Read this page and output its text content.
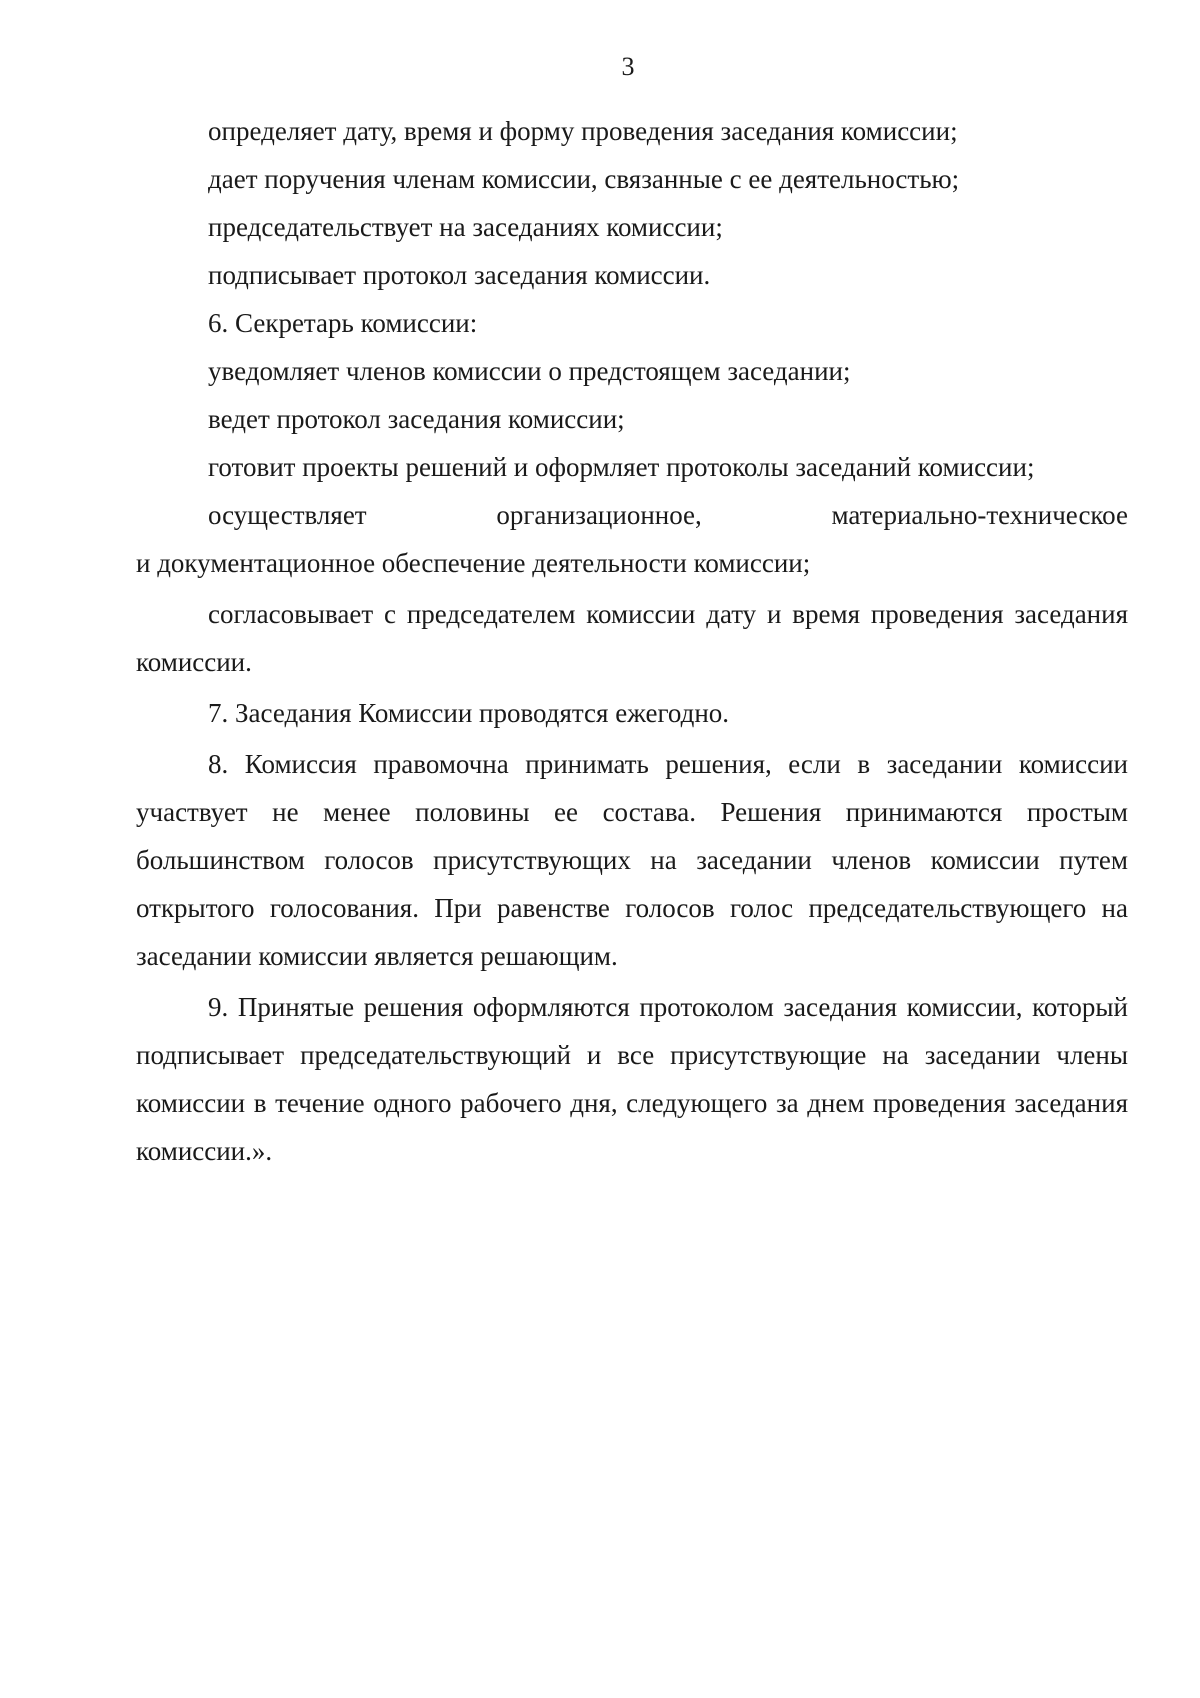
3

определяет дату, время и форму проведения заседания комиссии;

дает поручения членам комиссии, связанные с ее деятельностью;

председательствует на заседаниях комиссии;

подписывает протокол заседания комиссии.

6. Секретарь комиссии:

уведомляет членов комиссии о предстоящем заседании;

ведет протокол заседания комиссии;

готовит проекты решений и оформляет протоколы заседаний комиссии;

осуществляет	организационное,	материально-техническое

и документационное обеспечение деятельности комиссии;

согласовывает с председателем комиссии дату и время проведения заседания комиссии.

7. Заседания Комиссии проводятся ежегодно.

8. Комиссия правомочна принимать решения, если в заседании комиссии участвует не менее половины ее состава. Решения принимаются простым большинством голосов присутствующих на заседании членов комиссии путем открытого голосования. При равенстве голосов голос председательствующего на заседании комиссии является решающим.

9. Принятые решения оформляются протоколом заседания комиссии, который подписывает председательствующий и все присутствующие на заседании члены комиссии в течение одного рабочего дня, следующего за днем проведения заседания комиссии.».
